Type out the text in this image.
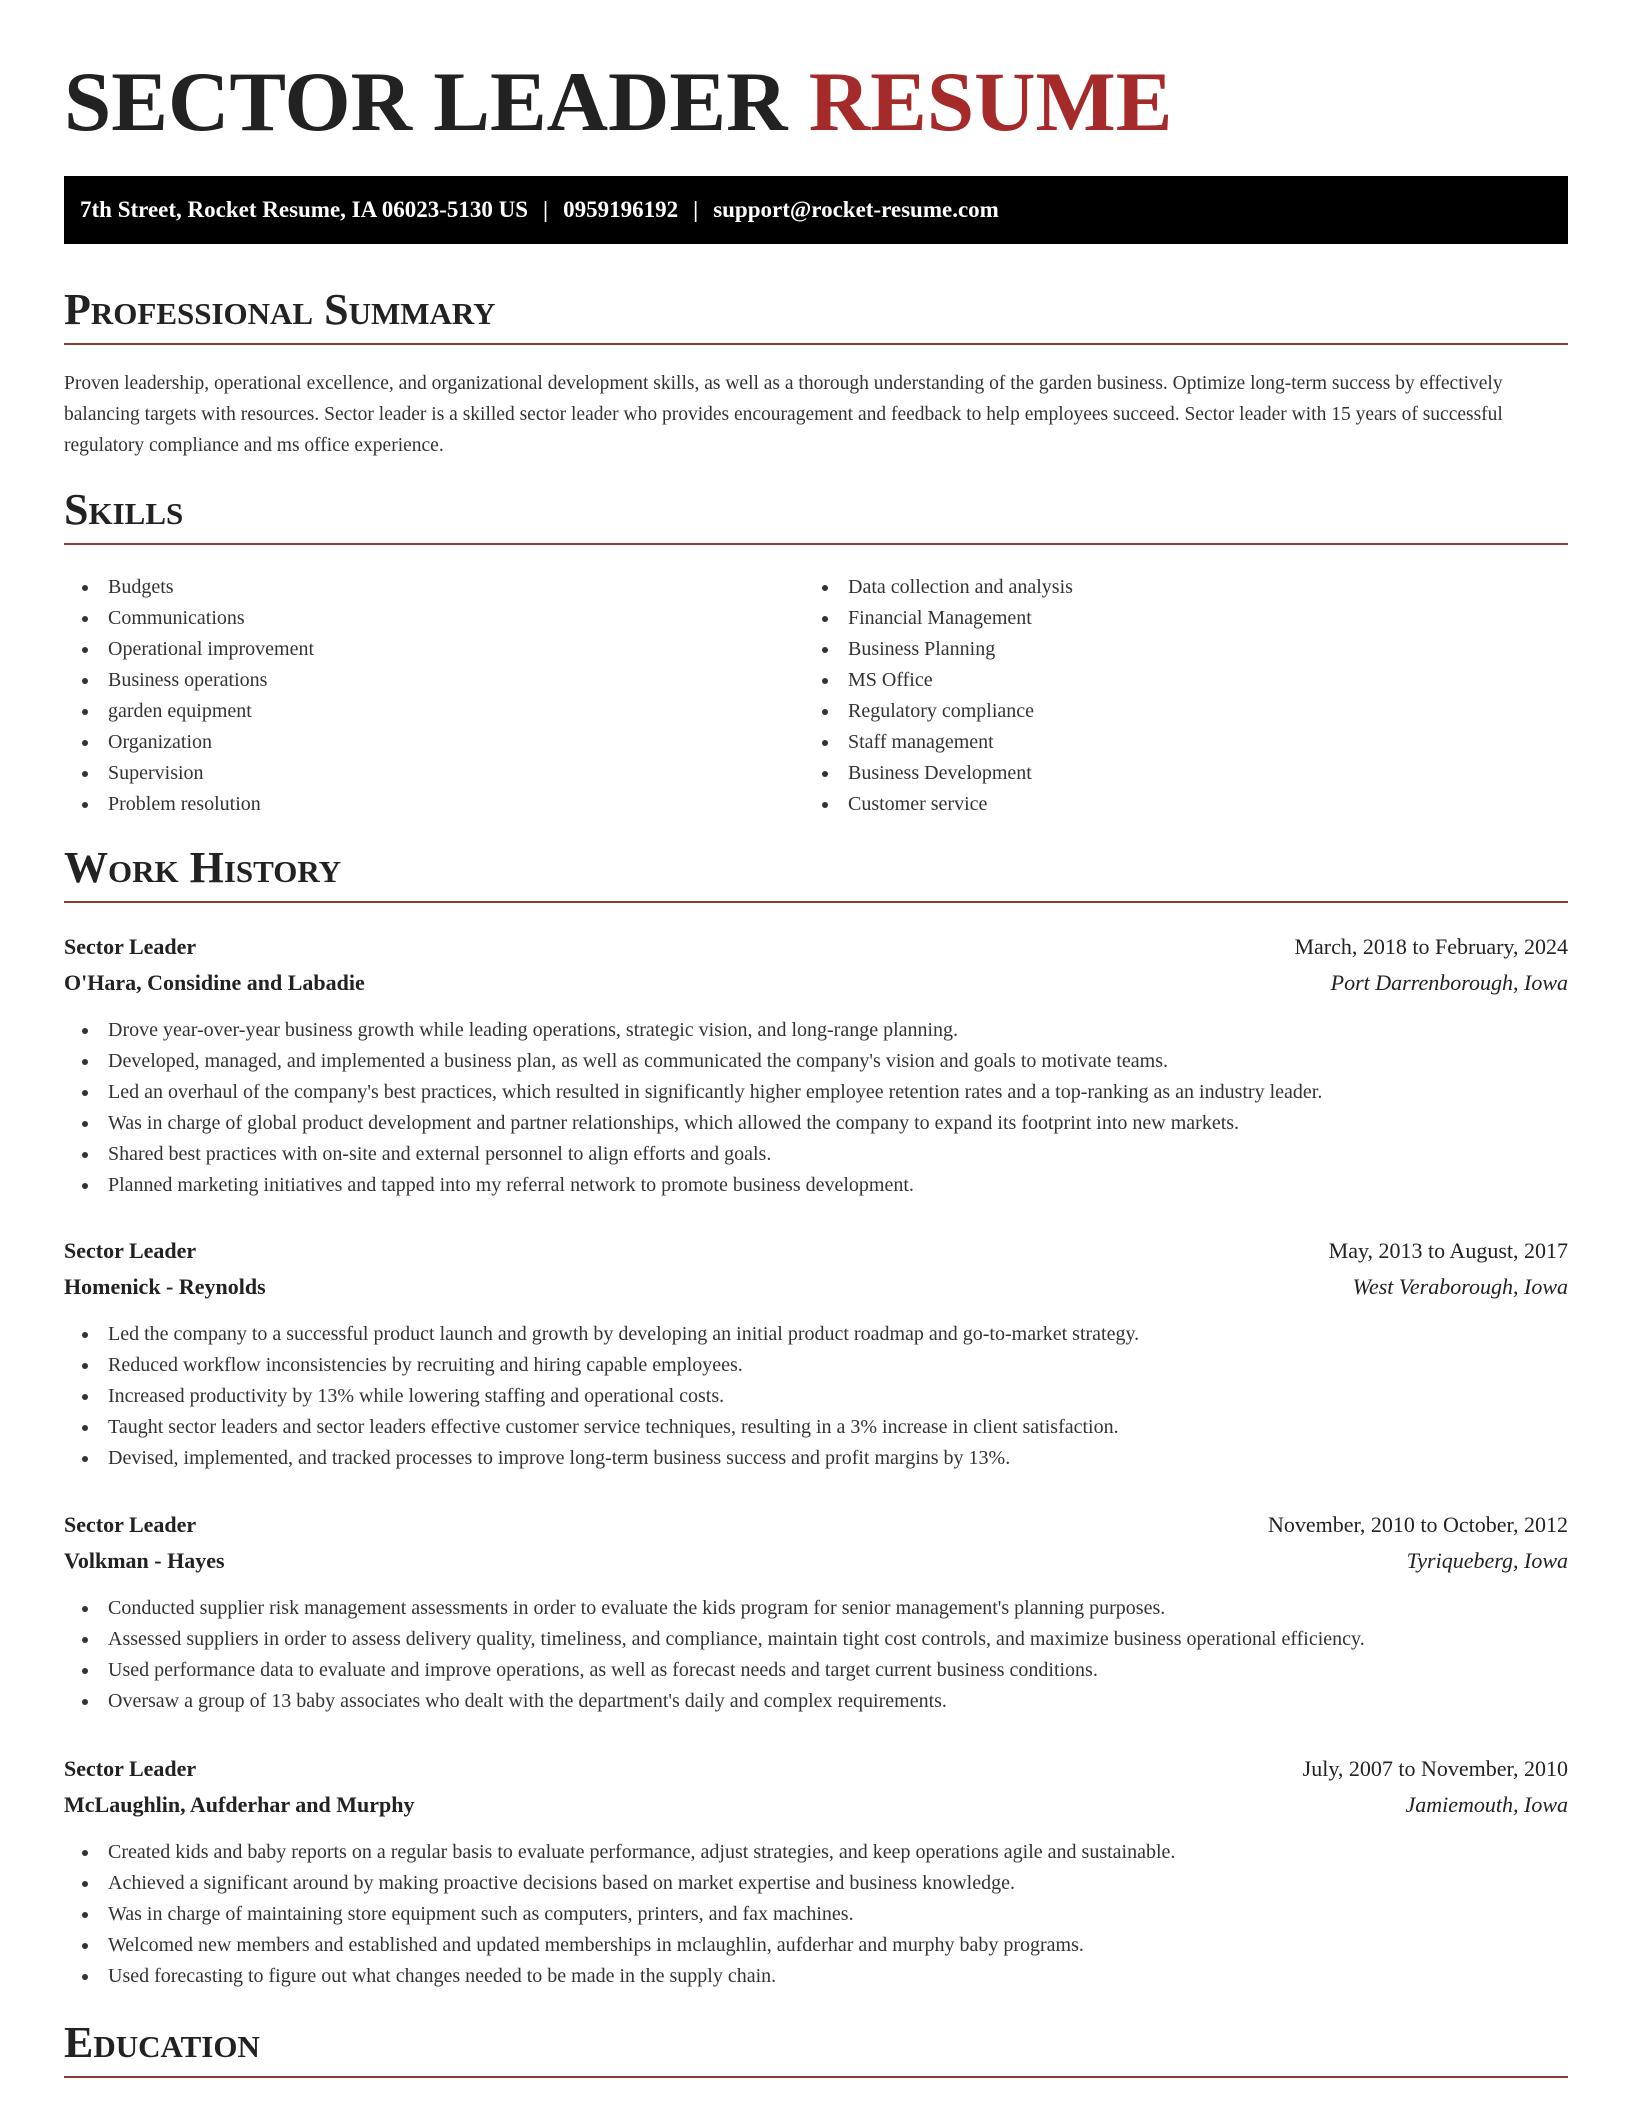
SECTOR LEADER RESUME
7th Street, Rocket Resume, IA 06023-5130 US | 0959196192 | support@rocket-resume.com
Professional Summary

Proven leadership, operational excellence, and organizational development skills, as well as a thorough understanding of the garden business. Optimize long-term success by effectively balancing targets with resources. Sector leader is a skilled sector leader who provides encouragement and feedback to help employees succeed. Sector leader with 15 years of successful regulatory compliance and ms office experience.

Skills
Budgets
Communications
Operational improvement
Business operations
garden equipment
Organization
Supervision
Problem resolution
Data collection and analysis
Financial Management
Business Planning
MS Office
Regulatory compliance
Staff management
Business Development
Customer service
Work History
Sector Leader	March, 2018 to February, 2024
O'Hara, Considine and Labadie	Port Darrenborough, Iowa
Drove year-over-year business growth while leading operations, strategic vision, and long-range planning.
Developed, managed, and implemented a business plan, as well as communicated the company's vision and goals to motivate teams.
Led an overhaul of the company's best practices, which resulted in significantly higher employee retention rates and a top-ranking as an industry leader.
Was in charge of global product development and partner relationships, which allowed the company to expand its footprint into new markets.
Shared best practices with on-site and external personnel to align efforts and goals.
Planned marketing initiatives and tapped into my referral network to promote business development.
Sector Leader	May, 2013 to August, 2017
Homenick - Reynolds	West Veraborough, Iowa
Led the company to a successful product launch and growth by developing an initial product roadmap and go-to-market strategy.
Reduced workflow inconsistencies by recruiting and hiring capable employees.
Increased productivity by 13% while lowering staffing and operational costs.
Taught sector leaders and sector leaders effective customer service techniques, resulting in a 3% increase in client satisfaction.
Devised, implemented, and tracked processes to improve long-term business success and profit margins by 13%.
Sector Leader	November, 2010 to October, 2012
Volkman - Hayes	Tyriqueberg, Iowa
Conducted supplier risk management assessments in order to evaluate the kids program for senior management's planning purposes.
Assessed suppliers in order to assess delivery quality, timeliness, and compliance, maintain tight cost controls, and maximize business operational efficiency.
Used performance data to evaluate and improve operations, as well as forecast needs and target current business conditions.
Oversaw a group of 13 baby associates who dealt with the department's daily and complex requirements.
Sector Leader	July, 2007 to November, 2010
McLaughlin, Aufderhar and Murphy	Jamiemouth, Iowa
Created kids and baby reports on a regular basis to evaluate performance, adjust strategies, and keep operations agile and sustainable.
Achieved a significant around by making proactive decisions based on market expertise and business knowledge.
Was in charge of maintaining store equipment such as computers, printers, and fax machines.
Welcomed new members and established and updated memberships in mclaughlin, aufderhar and murphy baby programs.
Used forecasting to figure out what changes needed to be made in the supply chain.
Education
